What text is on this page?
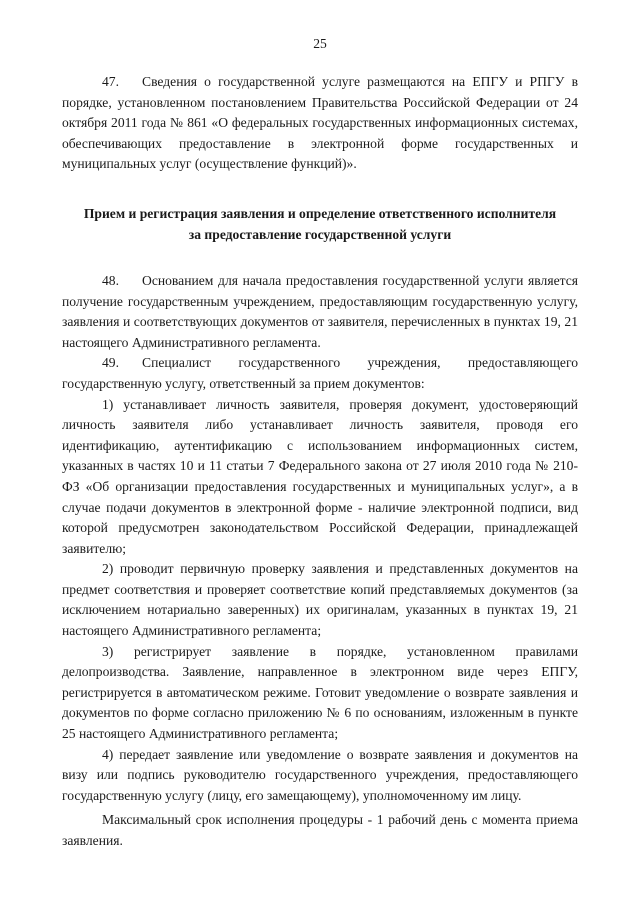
25

47. Сведения о государственной услуге размещаются на ЕПГУ и РПГУ в порядке, установленном постановлением Правительства Российской Федерации от 24 октября 2011 года № 861 «О федеральных государственных информационных системах, обеспечивающих предоставление в электронной форме государственных и муниципальных услуг (осуществление функций)».

Прием и регистрация заявления и определение ответственного исполнителя
за предоставление государственной услуги

48. Основанием для начала предоставления государственной услуги является получение государственным учреждением, предоставляющим государственную услугу, заявления и соответствующих документов от заявителя, перечисленных в пунктах 19, 21 настоящего Административного регламента.

49. Специалист государственного учреждения, предоставляющего государственную услугу, ответственный за прием документов:

1) устанавливает личность заявителя, проверяя документ, удостоверяющий личность заявителя либо устанавливает личность заявителя, проводя его идентификацию, аутентификацию с использованием информационных систем, указанных в частях 10 и 11 статьи 7 Федерального закона от 27 июля 2010 года № 210-ФЗ «Об организации предоставления государственных и муниципальных услуг», а в случае подачи документов в электронной форме - наличие электронной подписи, вид которой предусмотрен законодательством Российской Федерации, принадлежащей заявителю;

2) проводит первичную проверку заявления и представленных документов на предмет соответствия и проверяет соответствие копий представляемых документов (за исключением нотариально заверенных) их оригиналам, указанных в пунктах 19, 21 настоящего Административного регламента;

3) регистрирует заявление в порядке, установленном правилами делопроизводства. Заявление, направленное в электронном виде через ЕПГУ, регистрируется в автоматическом режиме. Готовит уведомление о возврате заявления и документов по форме согласно приложению № 6 по основаниям, изложенным в пункте 25 настоящего Административного регламента;

4) передает заявление или уведомление о возврате заявления и документов на визу или подпись руководителю государственного учреждения, предоставляющего государственную услугу (лицу, его замещающему), уполномоченному им лицу.

Максимальный срок исполнения процедуры - 1 рабочий день с момента приема заявления.
